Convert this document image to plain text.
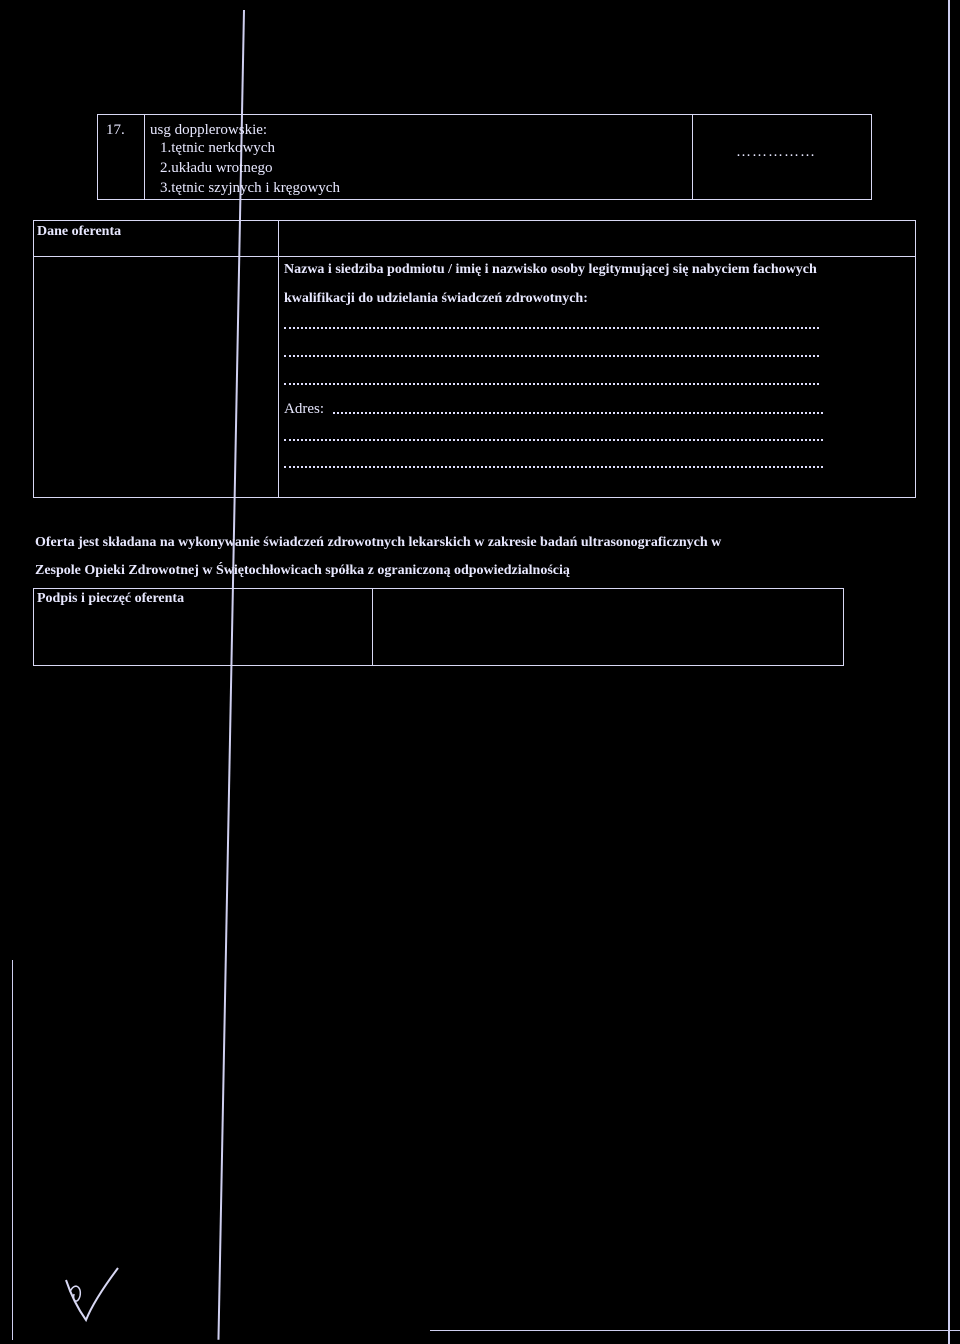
17. usg dopplerowskie:
1.tętnic nerkowych
2.układu wrotnego
3.tętnic szyjnych i kręgowych
……………
Dane oferenta
Nazwa i siedziba podmiotu / imię i nazwisko osoby legitymującej się nabyciem fachowych
kwalifikacji do udzielania świadczeń zdrowotnych:
Adres:
Oferta jest składana na wykonywanie świadczeń zdrowotnych lekarskich w zakresie badań ultrasonograficznych w
Zespole Opieki Zdrowotnej w Świętochłowicach spółka z ograniczoną odpowiedzialnością
Podpis i pieczęć oferenta
